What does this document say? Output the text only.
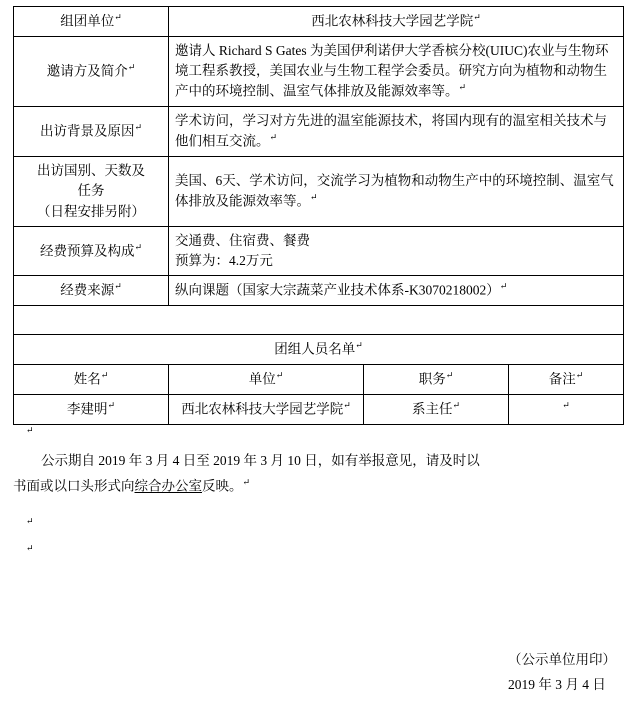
组团单位↵	西北农林科技大学园艺学院↵
邀请方及简介↵	邀请人 Richard S Gates 为美国伊利诺伊大学香槟分校(UIUC)农业与生物环境工程系教授，美国农业与生物工程学会委员。研究方向为植物和动物生产中的环境控制、温室气体排放及能源效率等。↵
出访背景及原因↵	学术访问，学习对方先进的温室能源技术，将国内现有的温室相关技术与他们相互交流。↵

出访国别、天数及
任务
（日程安排另附）	美国、6天、学术访问，交流学习为植物和动物生产中的环境控制、温室气体排放及能源效率等。↵
经费预算及构成↵	交通费、住宿费、餐费
预算为：4.2万元		

经费来源↵	纵向课题（国家大宗蔬菜产业技术体系-K3070218002）↵

团组人员名单↵
姓名↵	单位↵	职务↵	备注↵
李建明↵	西北农林科技大学园艺学院↵	系主任↵	↵
↵

公示期自 2019 年 3 月 4 日至 2019 年 3 月 10 日，如有举报意见，请及时以

书面或以口头形式向综合办公室反映。↵

↵
↵
（公示单位用印）
2019 年 3 月 4 日
